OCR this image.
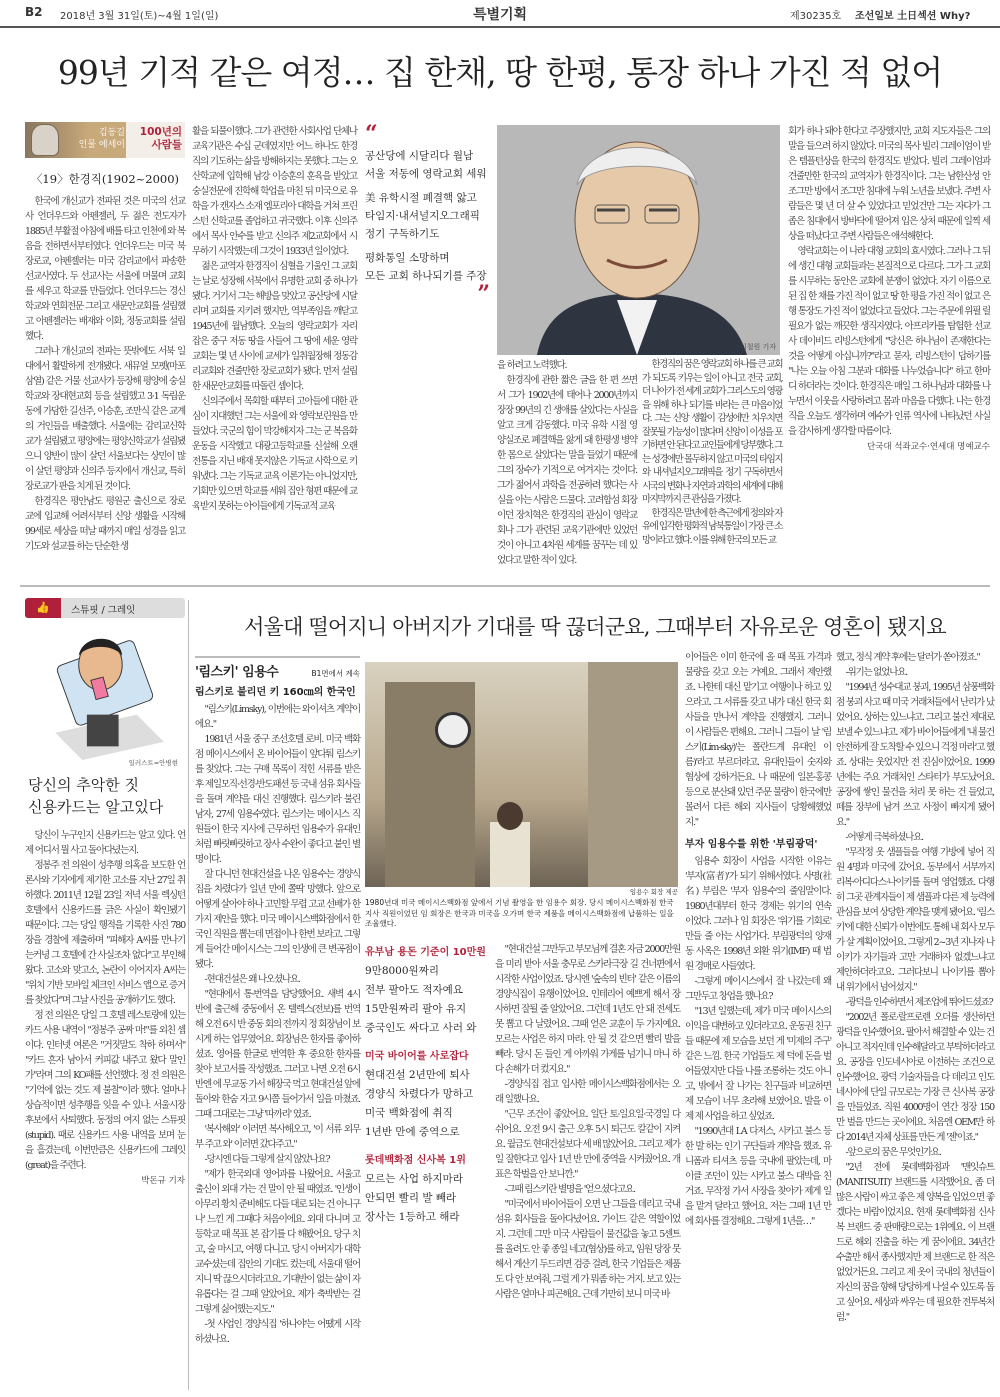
B2 2018년 3월 31일(토)~4월 1일(일)	특별기획	제30235호 조선일보 土日섹션 Why?
99년 기적 같은 여정… 집 한채, 땅 한평, 통장 하나 가진 적 없어
김동길
인물 에세이
100년의
사람들
〈19〉한경직(1902~2000)

한국에 개신교가 전파된 것은 미국의 선교사 언더우드와 아펜젤러, 두 젊은 전도자가 1885년 부활절 아침에 배를 타고 인천에 와 복음을 전하면서부터였다. 언더우드는 미국 북장로교, 아펜젤러는 미국 감리교에서 파송한 선교사였다. 두 선교사는 서울에 머물며 교회를 세우고 학교를 만들었다. 언더우드는 경신학교와 연희전문 그리고 새문안교회를 설립했고 아펜젤러는 배재와 이화, 정동교회를 설립했다.

그러나 개신교의 전파는 뜻밖에도 서북 일대에서 활발하게 전개됐다. 새뮤얼 모펫(마포삼열) 같은 거물 선교사가 등장해 평양에 숭실학교와 장대현교회 등을 설립했고 3·1 독립운동에 가담한 길선주, 이승훈, 조만식 같은 교계의 거인들을 배출했다. 서울에는 감리교신학교가 설립됐고 평양에는 평양신학교가 설립됐으니 양반이 많이 살던 서울보다는 상민이 많이 살던 평양과 신의주 등지에서 개신교, 특히 장로교가 판을 치게 된 것이다.

한경직은 평안남도 평원군 출신으로 장로교에 입교해 어려서부터 신앙 생활을 시작해 99세로 세상을 떠날 때까지 매일 성경을 읽고 기도와 설교를 하는 단순한 생

활을 되풀이했다. 그가 관련한 사회사업 단체나 교육기관은 수십 군데였지만 어느 하나도 한경직의 기도하는 삶을 방해하지는 못했다. 그는 오산학교에 입학해 남강 이승훈의 훈육을 받았고 숭실전문에 진학해 학업을 마친 뒤 미국으로 유학을 가 캔자스 소재 엠포리아 대학을 거쳐 프린스턴 신학교를 졸업하고 귀국했다. 이후 신의주에서 목사 안수를 받고 신의주 제2교회에서 시무하기 시작했는데 그것이 1933년 일이었다.

젊은 교역자 한경직이 심혈을 기울인 그 교회는 날로 성장해 서북에서 유명한 교회 중 하나가 됐다. 거기서 그는 해방을 맞았고 공산당에 시달리며 교회를 지키려 했지만, 역부족임을 깨닫고 1945년에 월남했다. 오늘의 영락교회가 자리 잡은 중구 저동 땅을 사들여 그 땅에 세운 영락교회는 몇 년 사이에 교세가 일취월장해 정동감리교회와 견줄만한 장로교회가 됐다. 먼저 설립한 새문안교회를 따돌린 셈이다.

신의주에서 목회할 때부터 고아들에 대한 관심이 지대했던 그는 서울에 와 영락보린원을 만들었다. 국군의 힘이 막강해지자 그는 군 복음화 운동을 시작했고 대광고등학교를 신설해 오랜 전통을 지닌 배재 못지않은 기독교 사학으로 키워냈다. 그는 기독교 교육 이론가는 아니었지만, 기회만 있으면 학교를 세워 집안 형편 때문에 교육받지 못하는 아이들에게 기독교적 교육

“
공산당에 시달리다 월남
서울 저동에 영락교회 세워
美 유학시절 폐결핵 앓고
타임지·내셔널지오그래픽
정기 구독하기도
평화통일 소망하며
모든 교회 하나되기를 주장
”
이철원 기자

을 하려고 노력했다.

한경직에 관한 짧은 글을 한 편 쓰면서 그가 1902년에 태어나 2000년까지 장장 99년의 긴 생애를 살았다는 사실을 알고 크게 감동했다. 미국 유학 시절 영양실조로 폐결핵을 앓게 돼 한평생 병약한 몸으로 살았다는 말을 들었기 때문에 그의 장수가 기적으로 여겨지는 것이다. 그가 젊어서 과학을 전공하려 했다는 사실을 아는 사람은 드물다. 고려합섬 회장이던 장치혁은 한경직의 관심이 영락교회나 그가 관련된 교육기관에만 있었던 것이 아니고 4차원 세계를 꿈꾸는 데 있었다고 말한 적이 있다.

한경직의 꿈은 영락교회 하나를 큰 교회가 되도록 키우는 일이 아니고 전국 교회, 더 나아가 전 세계 교회가 그리스도의 영광을 위해 하나 되기를 바라는 큰 마음이었다. 그는 신앙 생활이 감성에만 치우치면 잘못될 가능성이 많다며 신앙이 이성을 포기하면 안 된다고 교인들에게 당부했다. 그는 성경에만 몰두하지 않고 미국의 타임지와 내셔널지오그래픽을 정기 구독하면서 시국의 변화나 자연과 과학의 세계에 대해 마지막까지 큰 관심을 가졌다.

한경직은 말년에 한 측근에게 정의와 자유에 입각한 평화적 남북통일이 가장 큰 소망이라고 했다. 이를 위해 한국의 모든 교

회가 하나 돼야 한다고 주장했지만, 교회 지도자들은 그의 말을 들으려 하지 않았다. 미국의 목사 빌리 그레이엄이 받은 템플턴상을 한국의 한경직도 받았다. 빌리 그레이엄과 견줄만한 한국의 교역자가 한경직이다. 그는 남한산성 안 조그만 방에서 조그만 침대에 누워 노년을 보냈다. 주변 사람들은 몇 년 더 살 수 있었다고 믿었건만 그는 자다가 그 좁은 침대에서 방바닥에 떨어져 입은 상처 때문에 일찍 세상을 떠났다고 주변 사람들은 애석해한다.

영락교회는 이 나라 대형 교회의 효시였다. 그러나 그 뒤에 생긴 대형 교회들과는 본질적으로 다르다. 그가 그 교회를 시무하는 동안은 교회에 분쟁이 없었다. 자기 이름으로 된 집 한 채를 가진 적이 없고 땅 한 평을 가진 적이 없고 은행 통장도 가진 적이 없었다고 들었다. 그는 주문에 위필 릴 필요가 없는 깨끗한 생직자였다. 아프리카를 탐험한 선교사 데이비드 리빙스턴에게 "당신은 하나님이 존재한다는 것을 어떻게 아십니까?"라고 묻자, 리빙스턴이 답하기를 "나는 오늘 아침 그분과 대화를 나누었습니다" 하고 한마디 하더라는 것이다. 한경직은 매일 그 하나님과 대화를 나누면서 이웃을 사랑하려고 몸과 마음을 다했다. 나는 한경직을 오늘도 생각하며 예수가 인류 역사에 나타났던 사실을 감사하게 생각할 따름이다.

단국대 석좌교수·연세대 명예교수
👍	스튜핏 / 그레잇
일러스트=안병현
당신의 추악한 짓
신용카드는 알고있다

당신이 누구인지 신용카드는 알고 있다. 언제 어디서 뭘 사고 돌아다녔는지.

정봉주 전 의원이 성추행 의혹을 보도한 언론사와 기자에게 제기한 고소를 지난 27일 취하했다. 2011년 12월 23일 저녁 서울 렉싱턴호텔에서 신용카드를 긁은 사실이 확인됐기 때문이다. 그는 당일 행적을 기록한 사진 780장을 경찰에 제출하며 "피해자 A씨를 만나기는커녕 그 호텔에 간 사실조차 없다"고 부인해왔다. 고소와 맞고소, 논란이 이어지자 A씨는 "위치 기반 모바일 체크인 서비스 앱으로 증거를 찾았다"며 그날 사진을 공개하기도 했다.

정 전 의원은 당일 그 호텔 레스토랑에 있는 카드 사용 내역이 "정봉주 공짜 마!"를 외친 셈이다. 인터넷 여론은 "거짓말도 착하 하며서" "카드 흔자 남아서 커피값 내주고 왔다 말인가"라며 그의 KO패를 선언했다. 정 전 의원은 "기억에 없는 것도 제 불찰"이라 했다. 얼마나 상습적이면 성추행을 잊을 수 있나. 서울시장 후보에서 사퇴했다. 동정의 여지 없는 스튜핏(stupid). 때로 신용카드 사용 내역을 보며 눈을 흘겼는데, 이번만큼은 신용카드에 그레잇(great)을 주련다.

박돈규 기자
서울대 떨어지니 아버지가 기대를 딱 끊더군요, 그때부터 자유로운 영혼이 됐지요
'림스키' 임용수	B1면에서 계속
림스키로 불리던 키 160㎝의 한국인

"림스키(Limsky), 이번에는 와이셔츠 계약이에요."

1981년 서울 중구 조선호텔 로비. 미국 백화점 메이시스에서 온 바이어들이 앞다퉈 림스키를 찾았다. 그는 구매 목록이 적힌 서류를 받은 후 제일모직·선경·반도패션 등 국내 섬유 회사들을 돌며 계약을 대신 진행했다. 림스키라 불린 남자, 27세 임용수였다. 림스키는 메이시스 직원들이 한국 지사에 근무하던 임용수가 유대인처럼 빠릿빠릿하고 장사 수완이 좋다고 붙인 별명이다.

잘 다니던 현대건설을 나온 임용수는 경양식집을 차렸다가 일년 만에 쫄딱 망했다. 앞으로 어떻게 살아야 하나 고민할 무렵 고교 선배가 한 가지 제안을 했다. 미국 메이시스백화점에서 한국인 직원을 뽑는데 면접이나 한번 보라고. 그렇게 들어간 메이시스는 그의 인생에 큰 변곡점이 됐다.

-현대건설은 왜 나오셨나요.

"현대에서 통·번역을 담당했어요. 새벽 4시 반에 출근해 중동에서 온 텔렉스(전보)를 번역해 오전 6시 반 중동 회의 전까지 정 회장님이 보시게 하는 업무였어요. 회장님은 한자를 좋아하셨죠. 영어를 한글로 번역한 후 중요한 한자를 찾아 보고서를 작성했죠. 그러고 나면 오전 6시 반엔 에 무교동 가서 해장국 먹고 현대건설 앞에 돌아와 한숨 자고 9시쯤 들어가서 일을 마쳤죠. 그때 그대로는 그냥 '따까리' 였죠.

'복사해와' 이러면 복사해오고, '이 서류 외무부 주고 와' 이러면 갔다주고."

-당시엔 다들 그렇게 살지 않았나요?

"제가 한국외대 영어과를 나왔어요. 서울고 출신이 외대 가는 건 말이 안 될 때였죠. '인생이 아무리 황치 준비해도 다들 대로 되는 건 아니구나' 느낀 게 그때다 처음이에요. 외대 다니며 고등학교 때 목표 본 잡기를 다 해봤어요. 당구 치고, 술 마시고, 여행 다니고. 당시 아버지가 대학교수셨는데 집안의 기대도 컸는데, 서울대 떨어지니 딱 끊으시더라고요. 기대반이 없는 삶이 자유롭다는 걸 그때 알았어요. 제가 축박받는 걸 그렇게 싫어했는지도."

-첫 사업인 경양식집 '하나야'는 어땠게 시작하셨나요.

임용수 회장 제공
1980년대 미국 메이시스백화점 앞에서 기념 촬영을 한 임용수 회장. 당시 메이시스백화점 한국 지사 직원이었던 임 회장은 한국과 미국을 오가며 한국 제품을 메이시스백화점에 납품하는 일을 조율했다.
유부남 용돈 기준이 10만원
9만8000원짜리
전부 팔아도 적자예요
15만원짜리 팔아 유지
중국인도 싸다고 사러 와
미국 바이어를 사로잡다
현대건설 2년만에 퇴사
경양식 차렸다가 망하고
미국 백화점에 취직
1년반 만에 중역으로
롯데백화점 신사복 1위
모르는 사업 하지마라
안되면 빨리 발 빼라
장사는 1등하고 해라

"현대건설 그만두고 부모님께 결혼 자금 2000만원을 미리 받아 서울 충무로 스카라극장 길 건너편에서 시작한 사업이었죠. 당시엔 '숲속의 빈터' 같은 이름의 경양식집이 유행이었어요. 인테리어 예쁘게 해서 장사하면 잘될 줄 알았어요. 그런데 1년도 안 돼 전세도 못 뽑고 다 날렸어요. 그때 얻은 교훈이 두 가지예요. 모르는 사업은 하지 마라. 안 될 것 같으면 빨리 발을 빼라. 당시 돈 들인 게 아까워 가게를 넘기니 마니 하다 손해가 더 컸지요."

-경양식집 접고 입사한 메이시스백화점에서는 오래 일했나요.

"근무 조건이 좋았어요. 일단 토·일요일·국경일 다 쉬어요. 오전 9시 출근 오후 5시 퇴근도 칼같이 지켜요. 월급도 현대건설보다 세 배 많았어요. 그리고 제가 일 잘한다고 입사 1년 반 만에 중역을 시켜줬어요. 개표은 학벌을 안 보니깐."

-그때 림스키란 별명을 '얻으셨다고요.

"미국에서 바이어들이 오면 난 그들을 데리고 국내 섬유 회사들을 돌아다녔어요. 가이드 같은 역할이었지. 그런데 그만 미국 사람들이 물건값을 놓고 5센트를 올려도 안 좋 종일 네고(협상)를 하고, 임원 당장 뭇해서 계산기 두드리면 검증 걸려, 한국 기업들은 제품도 다 안 보여줘, 그럴 게 가 뭐좀 하는 거지. 보고 있는 사람은 얼마나 피곤해요. 근데 가만히 보니 미국 바

이어들은 이미 한국에 올 때 목표 가격과 물량을 갖고 오는 거예요. 그래서 제안했죠. 나한테 대신 맡기고 여행이나 하고 있으라고. 그 서류를 갖고 내가 대신 한국 회사들을 만나서 계약을 진행했지. 그러니 이 사람들은 편해요. 그러니 그들이 날 '림스키(Lim-sky)'는 폴란드계 유대인 이름)'라고 부르더라고. 유대인들이 숫자와 협상에 강하거든요. 나 때문에 일본·홍콩 등으로 분산돼 있던 주문 물량이 한국에만 몰려서 다른 해외 지사들이 당황해했었지."

부자 임용수를 위한 '부림광덕'

임용수 회장이 사업을 시작한 이유는 '부자(富者)'가 되기 위해서였다. 사명(社名) 부림은 '부자 임용수'의 줄임말이다. 1980년대부터 한국 경제는 위기의 연속이었다. 그러나 임 회장은 '위기를 기회로' 만들 줄 아는 사업가다. 부림광덕의 양재동 사옥은 1998년 외환 위기(IMF) 때 법원 경매로 사들였다.

-그렇게 메이시스에서 잘 나갔는데 왜 그만두고 창업을 했나요?

"13년 일했는데, 제가 미국 메이시스의 이익을 대변하고 있더라고요. 운동권 친구들 때문에 제 모습을 보던 게 '미제의 주구' 같은 느낌. 한국 기업들도 제 덕에 돈을 벌어들였지만 다들 나를 조롱하는 것도 아니고, 밖에서 잘 나가는 친구들과 비교하면 제 모습이 너무 초라해 보였어요. 발을 이제 제 사업을 하고 싶었죠.

"1990년대 LA 다저스, 시카고 불스 등 한 발 하는 인기 구단들과 계약을 했죠. 유니폼과 티셔츠 등을 국내에 팔았는데, 마이클 조던이 있는 시카고 불스 대박을 친 거죠. 무작정 가서 사장을 찾아가 제게 일을 맡겨 달라고 했어요. 저는 그때 1년 만에 회사를 결정해요. 그렇게 1년을…"

했고, 정식 계약 후에는 달러가 쏟아졌죠."

-위기는 없었나요.

"1994년 성수대교 붕괴, 1995년 삼풍백화점 붕괴 사고 때 미국 거래처들에서 난리가 났었어요. 상하는 있느냐고. 그리고 불건 제대로 보낼 수 있느냐고. 제가 바이어들에게 '내 물건 안전하게 잘 도착할 수 있으니 걱정 마라'고 했죠. 상대는 웃었지만 전 진심이었어요. 1999년에는 주요 거래처인 스타터가 부도났어요. 공장에 쌓인 물건을 처리 못 하는 건 들었고, 떼를 장부에 남겨 쓰고 사정이 빠지게 됐어요."

-어떻게 극복하셨나요.

"무작정 옷 샘플들을 여행 가방에 넣어 직원 4명과 미국에 갔어요. 동부에서 서부까지 리복·아디다스·나이키를 돌며 영업했죠. 다행히 그곳 관계자들이 제 샘플과 다른 제 능력에 관심을 보여 상당한 계약을 맺게 됐어요. '림스키'에 대한 신뢰가 이번에도 통해 내 회사 모두가 살 계획이었어요. 그렇게 2~3년 지나자 나이키가 자기들과 고만 거래하자 없겠느냐고 제안하더라고요. 그러다보니 나이키를 뽑아내 위기에서 넘어섰지."

-광덕을 인수하면서 제조업에 뛰어드셨죠?

"2002년 폴로·랄프로렌 오더를 생산하던 광덕을 인수했어요. 팔아서 해결할 수 있는 건 아니고 적자인데 인수해달라고 부탁하더라고요. 공장을 인도네시아로 이전하는 조건으로 인수했어요. 광덕 기술자들을 다 데리고 인도네시아에 단일 규모로는 가장 큰 신사복 공장을 만들었죠. 직원 4000명이 연간 정장 150만 벌을 만드는 곳이에요. 처음엔 OEM만 하다 2014년 자체 상표를 만든 게 '젠'이죠."

-앞으로의 꿈은 무엇인가요.

"2년 전에 롯데백화점과 '맨잇슈트(MANITSUIT)' 브랜드를 시작했어요. 좀 더 많은 사람이 싸고 좋은 제 양복을 입었으면 좋겠다는 바람이었지요. 현재 롯데백화점 신사복 브랜드 중 판매량으로는 1위예요. 이 브랜드로 해외 진출을 하는 게 꿈이에요. 34년간 수출만 해서 종사했지만 제 브랜드로 한 적은 없었거든요. 그리고 제 옷이 국내의 청년들이 자신의 꿈을 향해 당당하게 나설 수 있도록 돕고 싶어요. 세상과 싸우는 데 필요한 전투복처럼."
